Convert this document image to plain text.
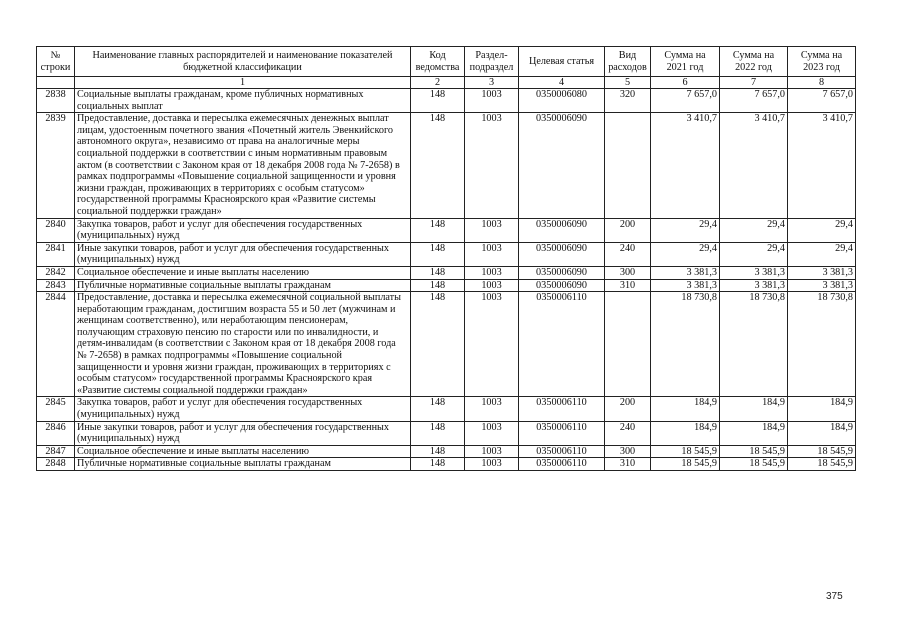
№ строки	Наименование главных распорядителей и наименование показателей бюджетной классификации	Код ведомства	Раздел-подраздел	Целевая статья	Вид расходов	Сумма на 2021 год	Сумма на 2022 год	Сумма на 2023 год
	1	2	3	4	5	6	7	8
2838	Социальные выплаты гражданам, кроме публичных нормативных социальных выплат	148	1003	0350006080	320	7 657,0	7 657,0	7 657,0
2839	Предоставление, доставка и пересылка ежемесячных денежных выплат лицам, удостоенным почетного звания «Почетный житель Эвенкийского автономного округа», независимо от права на аналогичные меры социальной поддержки в соответствии с иным нормативным правовым актом (в соответствии с Законом края от 18 декабря 2008 года № 7-2658) в рамках подпрограммы «Повышение социальной защищенности и уровня жизни граждан, проживающих в территориях с особым статусом» государственной программы Красноярского края «Развитие системы социальной поддержки граждан»	148	1003	0350006090		3 410,7	3 410,7	3 410,7
2840	Закупка товаров, работ и услуг для обеспечения государственных (муниципальных) нужд	148	1003	0350006090	200	29,4	29,4	29,4
2841	Иные закупки товаров, работ и услуг для обеспечения государственных (муниципальных) нужд	148	1003	0350006090	240	29,4	29,4	29,4
2842	Социальное обеспечение и иные выплаты населению	148	1003	0350006090	300	3 381,3	3 381,3	3 381,3
2843	Публичные нормативные социальные выплаты гражданам	148	1003	0350006090	310	3 381,3	3 381,3	3 381,3
2844	Предоставление, доставка и пересылка ежемесячной социальной выплаты неработающим гражданам, достигшим возраста 55 и 50 лет (мужчинам и женщинам соответственно), или неработающим пенсионерам, получающим страховую пенсию по старости или по инвалидности, и детям-инвалидам (в соответствии с Законом края от 18 декабря 2008 года № 7-2658) в рамках подпрограммы «Повышение социальной защищенности и уровня жизни граждан, проживающих в территориях с особым статусом» государственной программы Красноярского края «Развитие системы социальной поддержки граждан»	148	1003	0350006110		18 730,8	18 730,8	18 730,8
2845	Закупка товаров, работ и услуг для обеспечения государственных (муниципальных) нужд	148	1003	0350006110	200	184,9	184,9	184,9
2846	Иные закупки товаров, работ и услуг для обеспечения государственных (муниципальных) нужд	148	1003	0350006110	240	184,9	184,9	184,9
2847	Социальное обеспечение и иные выплаты населению	148	1003	0350006110	300	18 545,9	18 545,9	18 545,9
2848	Публичные нормативные социальные выплаты гражданам	148	1003	0350006110	310	18 545,9	18 545,9	18 545,9
375
